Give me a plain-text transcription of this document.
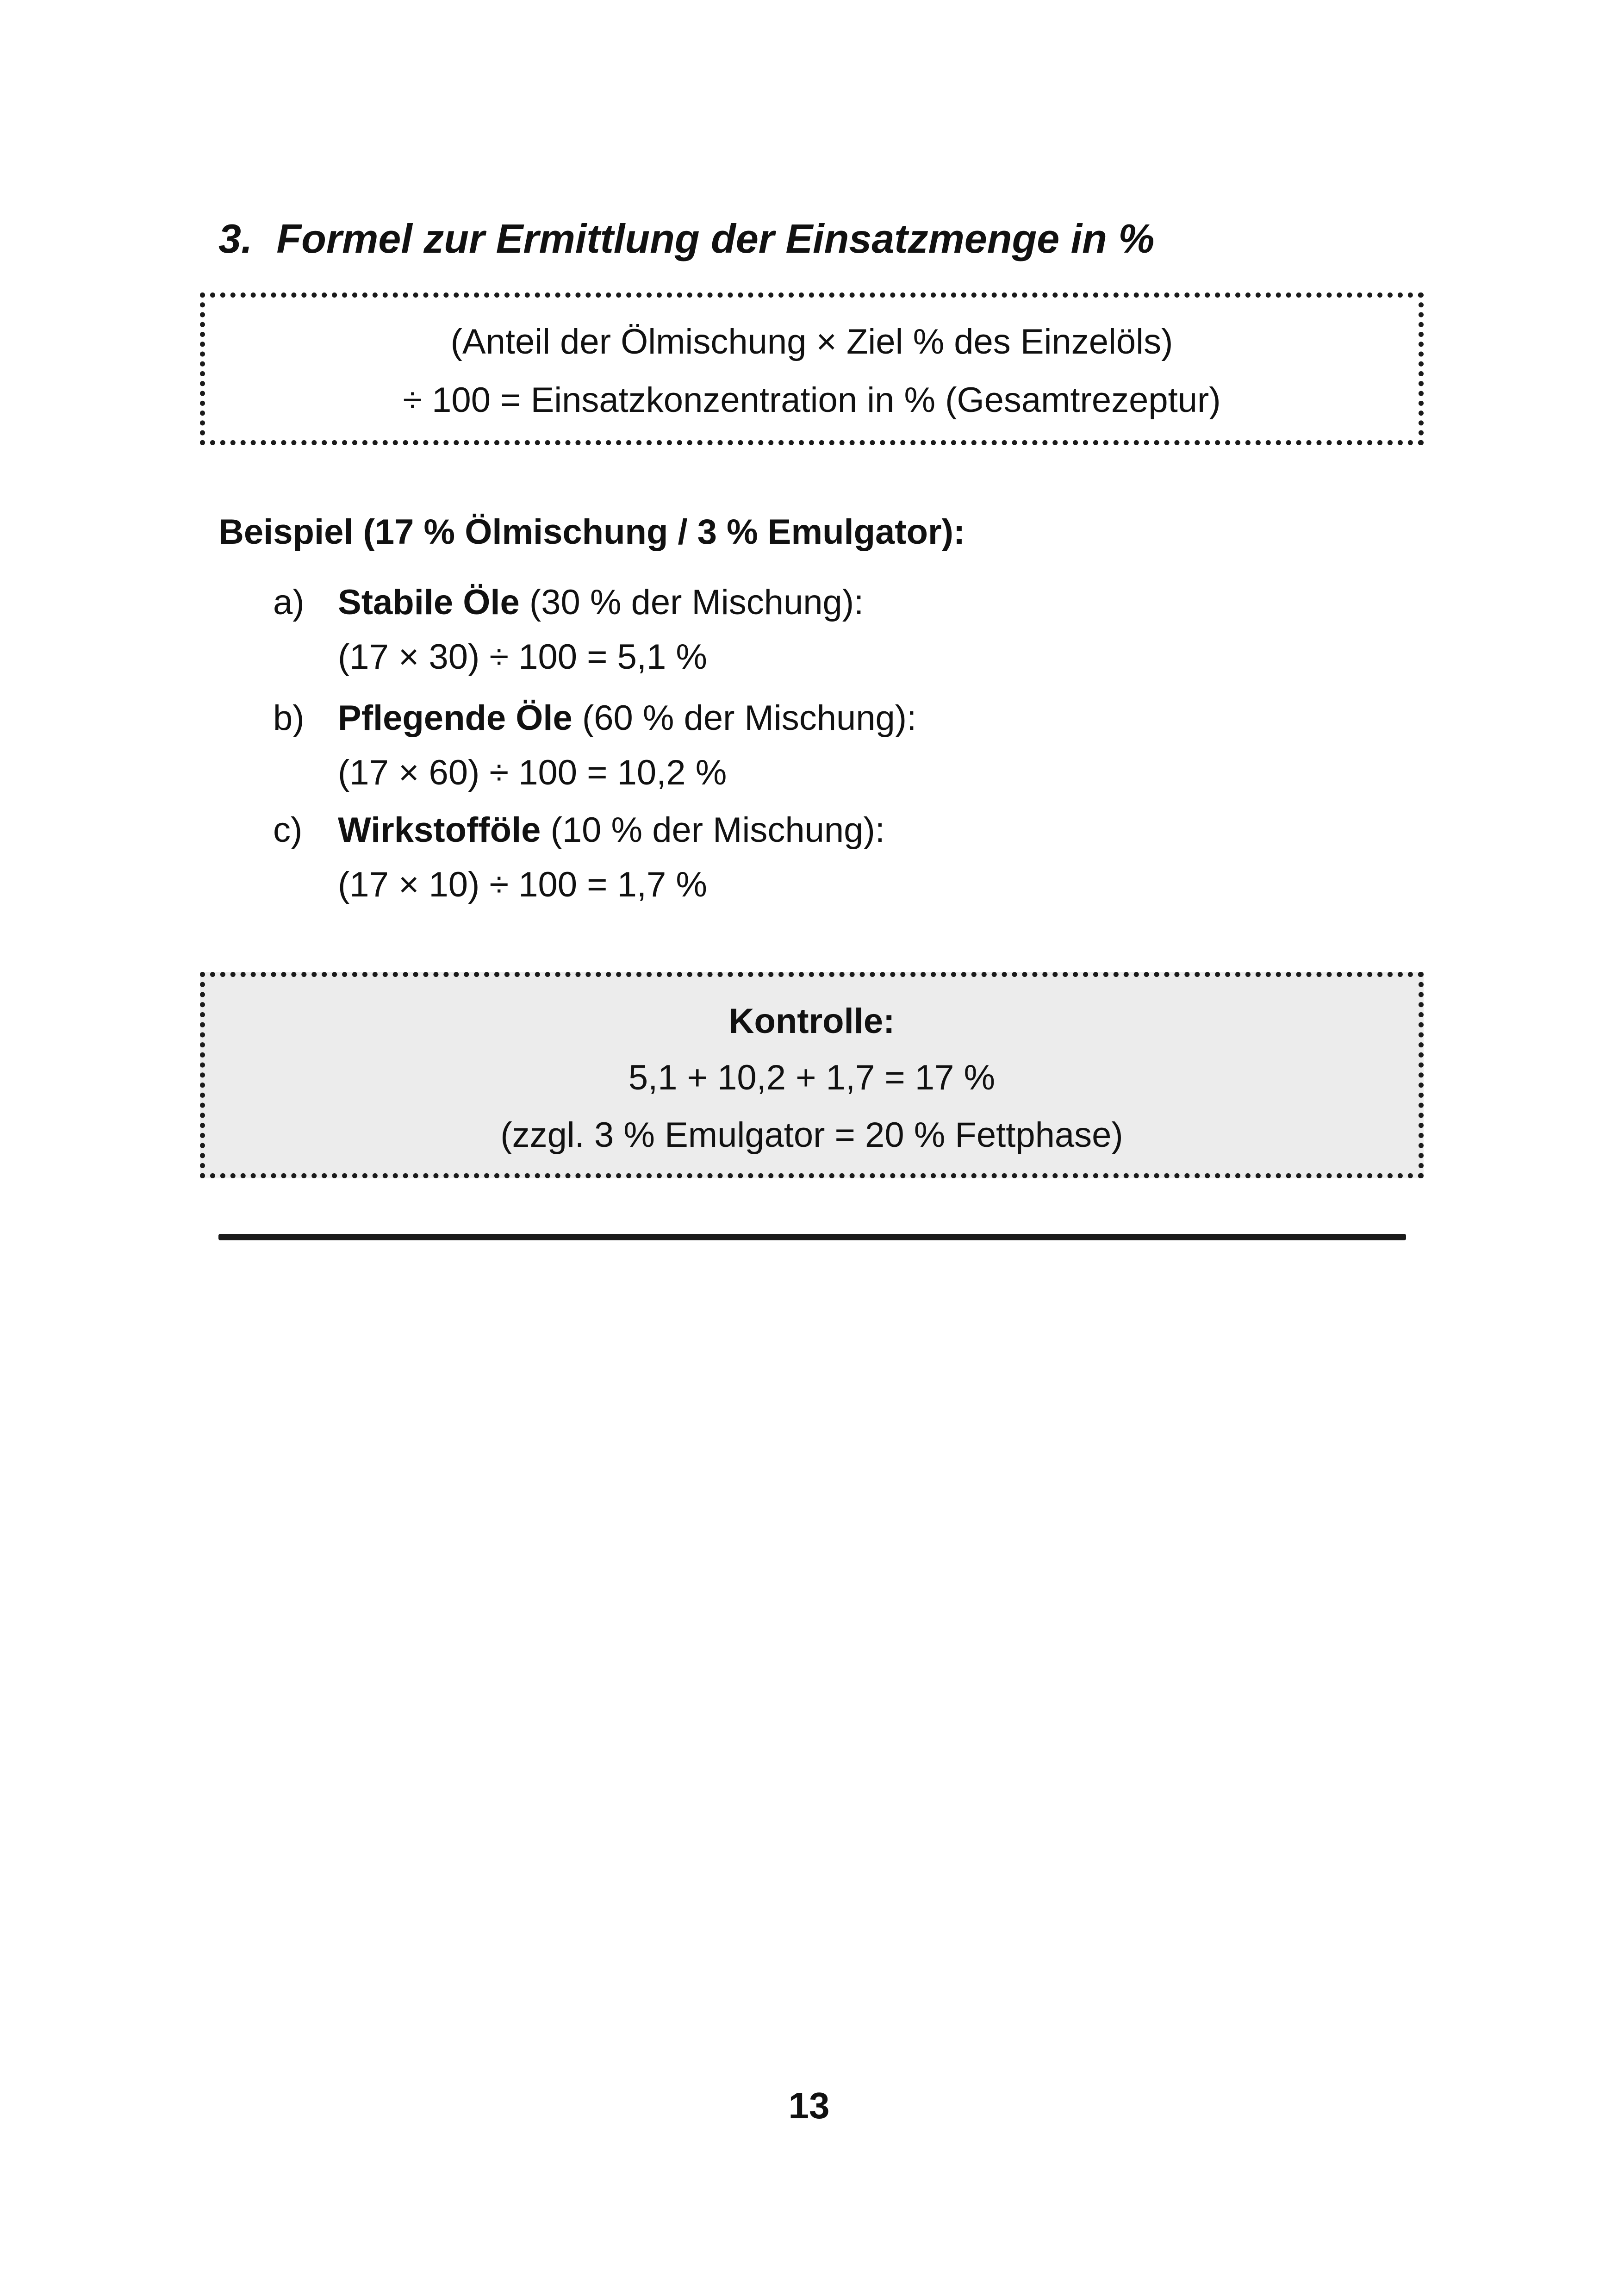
3. Formel zur Ermittlung der Einsatzmenge in %
(Anteil der Ölmischung × Ziel % des Einzelöls)
÷ 100 = Einsatzkonzentration in % (Gesamtrezeptur)
Beispiel (17 % Ölmischung / 3 % Emulgator):
a) Stabile Öle (30 % der Mischung):
(17 × 30) ÷ 100 = 5,1 %
b) Pflegende Öle (60 % der Mischung):
(17 × 60) ÷ 100 = 10,2 %
c) Wirkstofföle (10 % der Mischung):
(17 × 10) ÷ 100 = 1,7 %
Kontrolle:
5,1 + 10,2 + 1,7 = 17 %
(zzgl. 3 % Emulgator = 20 % Fettphase)
13
